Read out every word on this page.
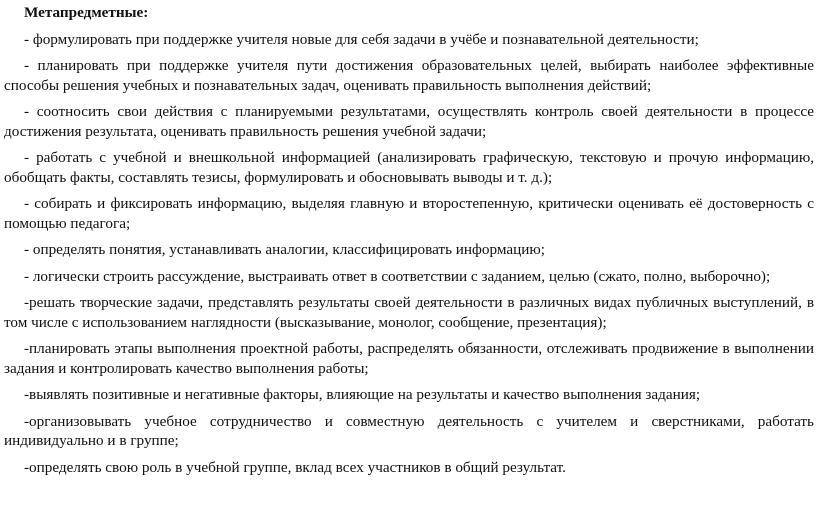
Метапредметные:

- формулировать при поддержке учителя новые для себя задачи в учёбе и познавательной деятельности;

- планировать при поддержке учителя пути достижения образовательных целей, выбирать наиболее эффективные способы решения учебных и познавательных задач, оценивать правильность выполнения действий;

- соотносить свои действия с планируемыми результатами, осуществлять контроль своей деятельности в процессе достижения результата, оценивать правильность решения учебной задачи;

- работать с учебной и внешкольной информацией (анализировать графическую, текстовую и прочую информацию, обобщать факты, составлять тезисы, формулировать и обосновывать выводы и т. д.);

- собирать и фиксировать информацию, выделяя главную и второстепенную, критически оценивать её достоверность с помощью педагога;

- определять понятия, устанавливать аналогии, классифицировать информацию;

- логически строить рассуждение, выстраивать ответ в соответствии с заданием, целью (сжато, полно, выборочно);

-решать творческие задачи, представлять результаты своей деятельности в различных видах публичных выступлений, в том числе с использованием наглядности (высказывание, монолог, сообщение, презентация);

-планировать этапы выполнения проектной работы, распределять обязанности, отслеживать продвижение в выполнении задания и контролировать качество выполнения работы;

-выявлять позитивные и негативные факторы, влияющие на результаты и качество выполнения задания;

-организовывать учебное сотрудничество и совместную деятельность с учителем и сверстниками, работать индивидуально и в группе;

-определять свою роль в учебной группе, вклад всех участников в общий результат.
